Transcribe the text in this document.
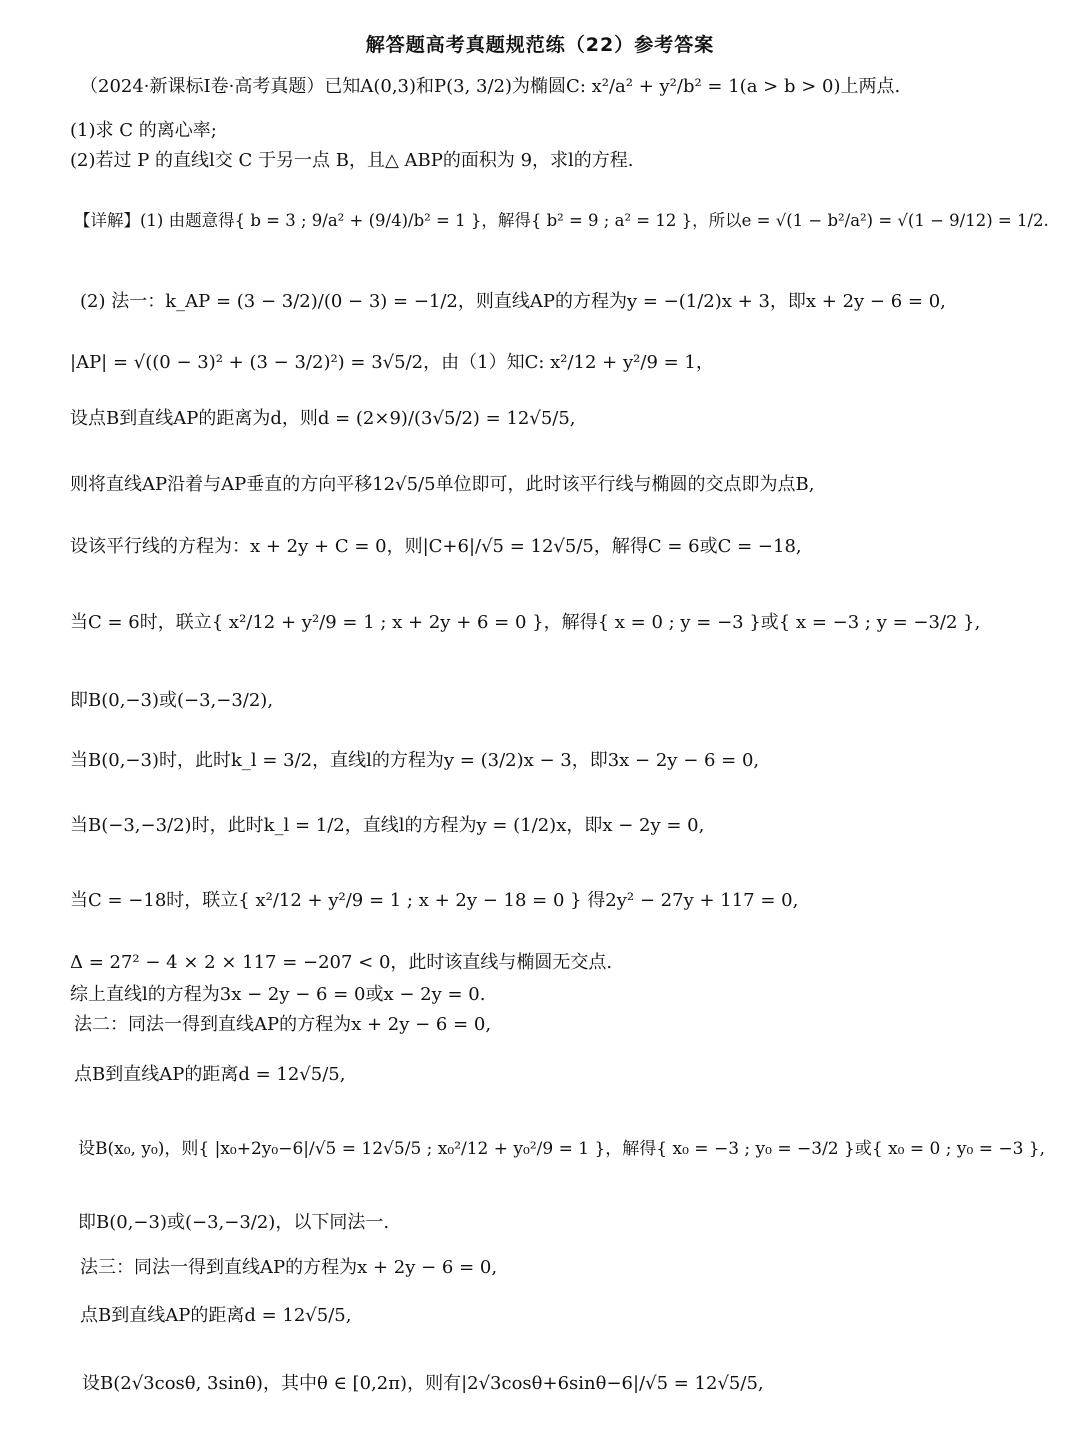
解答题高考真题规范练（22）参考答案
（2024·新课标I卷·高考真题）已知A(0,3)和P(3, 3/2)为椭圆C: x²/a² + y²/b² = 1(a > b > 0)上两点.
(1)求 C 的离心率;
(2)若过 P 的直线l交 C 于另一点 B，且△ ABP的面积为 9，求l的方程.
【详解】(1) 由题意得{ b = 3 ; 9/a² + (9/4)/b² = 1 }，解得{ b² = 9 ; a² = 12 }，所以e = √(1 − b²/a²) = √(1 − 9/12) = 1/2.
(2) 法一：k_AP = (3 − 3/2)/(0 − 3) = −1/2，则直线AP的方程为y = −(1/2)x + 3，即x + 2y − 6 = 0,
|AP| = √((0 − 3)² + (3 − 3/2)²) = 3√5/2，由（1）知C: x²/12 + y²/9 = 1，
设点B到直线AP的距离为d，则d = (2×9)/(3√5/2) = 12√5/5,
则将直线AP沿着与AP垂直的方向平移12√5/5单位即可，此时该平行线与椭圆的交点即为点B,
设该平行线的方程为：x + 2y + C = 0，则|C+6|/√5 = 12√5/5，解得C = 6或C = −18,
当C = 6时，联立{ x²/12 + y²/9 = 1 ; x + 2y + 6 = 0 }，解得{ x = 0 ; y = −3 }或{ x = −3 ; y = −3/2 },
即B(0,−3)或(−3,−3/2),
当B(0,−3)时，此时k_l = 3/2，直线l的方程为y = (3/2)x − 3，即3x − 2y − 6 = 0,
当B(−3,−3/2)时，此时k_l = 1/2，直线l的方程为y = (1/2)x，即x − 2y = 0,
当C = −18时，联立{ x²/12 + y²/9 = 1 ; x + 2y − 18 = 0 } 得2y² − 27y + 117 = 0,
Δ = 27² − 4 × 2 × 117 = −207 < 0，此时该直线与椭圆无交点.
综上直线l的方程为3x − 2y − 6 = 0或x − 2y = 0.
法二：同法一得到直线AP的方程为x + 2y − 6 = 0,
点B到直线AP的距离d = 12√5/5,
设B(x₀, y₀)，则{ |x₀+2y₀−6|/√5 = 12√5/5 ; x₀²/12 + y₀²/9 = 1 }，解得{ x₀ = −3 ; y₀ = −3/2 }或{ x₀ = 0 ; y₀ = −3 },
即B(0,−3)或(−3,−3/2)，以下同法一.
法三：同法一得到直线AP的方程为x + 2y − 6 = 0,
点B到直线AP的距离d = 12√5/5,
设B(2√3cosθ, 3sinθ)，其中θ ∈ [0,2π)，则有|2√3cosθ+6sinθ−6|/√5 = 12√5/5,
